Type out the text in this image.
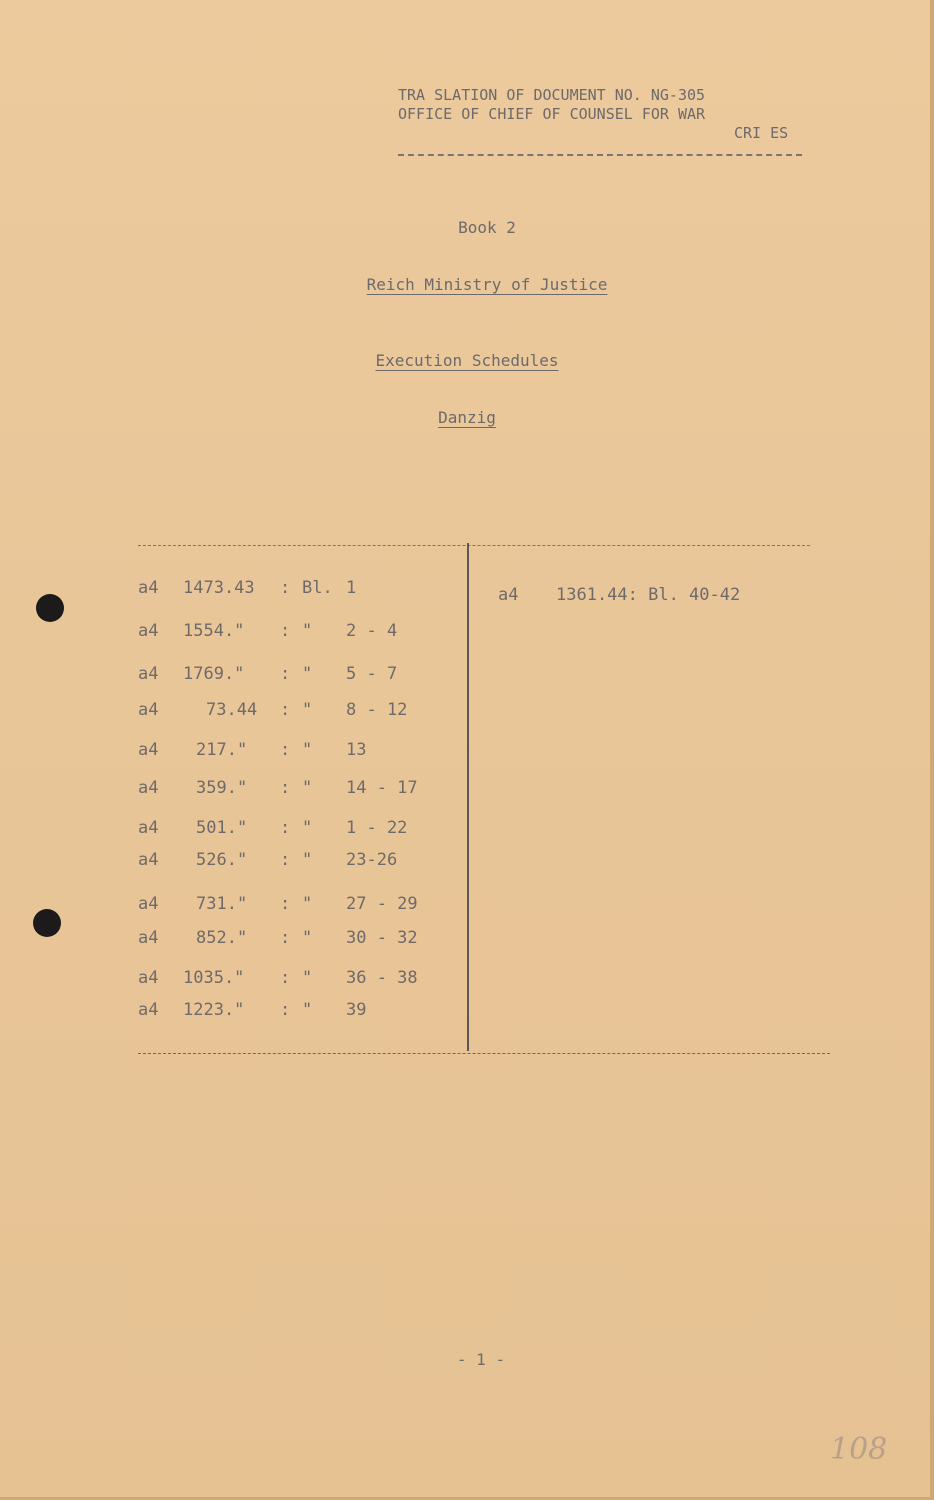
TRA SLATION OF DOCUMENT NO. NG-305
OFFICE OF CHIEF OF COUNSEL FOR WAR
CRI ES
Book 2
Reich Ministry of Justice
Execution Schedules
Danzig

a4

1473.43

:

Bl.

1

a4

1554."

:

"

2 - 4

a4

1769."

:

"

5 - 7

a4

	73.44

:

"

8 - 12

a4

217."

:

"

13

a4

359."

:

"

14 - 17

a4

501."

:

"

1 - 22

a4

526."

:

"

23-26

a4

731."

:

"

27 - 29

a4

852."

:

"

30 - 32

a4

1035."

:

"

36 - 38

a4

1223."

:

"

39

a4

1361.44: Bl. 40-42

- 1 -
108
